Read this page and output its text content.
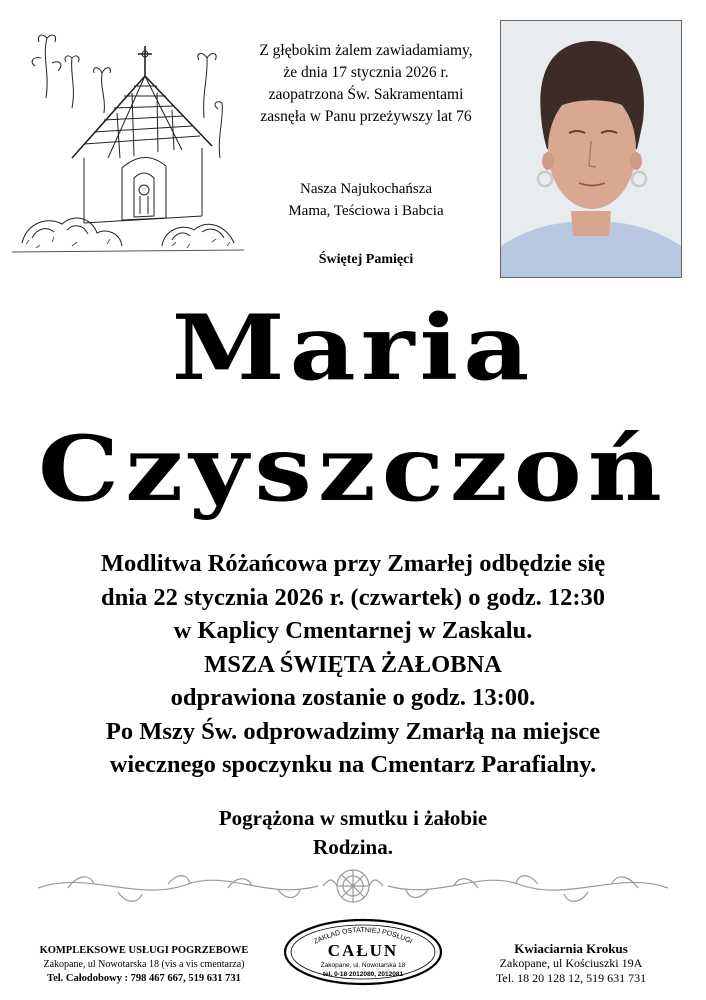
Z głębokim żalem zawiadamiamy,
że dnia 17 stycznia 2026 r.
zaopatrzona Św. Sakramentami
zasnęła w Panu przeżywszy lat 76
Nasza Najukochańsza
Mama, Teściowa i Babcia
Świętej Pamięci
Maria
Czyszczoń
Modlitwa Różańcowa przy Zmarłej odbędzie się
dnia 22 stycznia 2026 r. (czwartek) o godz. 12:30
w Kaplicy Cmentarnej w Zaskalu.
MSZA ŚWIĘTA ŻAŁOBNA
odprawiona zostanie o godz. 13:00.
Po Mszy Św. odprowadzimy Zmarłą na miejsce
wiecznego spoczynku na Cmentarz Parafialny.
Pogrążona w smutku i żałobie
Rodzina.
KOMPLEKSOWE USŁUGI POGRZEBOWE
Zakopane, ul Nowotarska 18 (vis a vis cmentarza)
Tel. Całodobowy : 798 467 667, 519 631 731
ZAKŁAD OSTATNIEJ POSŁUGI
CAŁUN
Zakopane, ul. Nowotarska 18
tel. 0-18 2012080, 2012081
Kwiaciarnia Krokus
Zakopane, ul Kościuszki 19A
Tel. 18 20 128 12, 519 631 731
